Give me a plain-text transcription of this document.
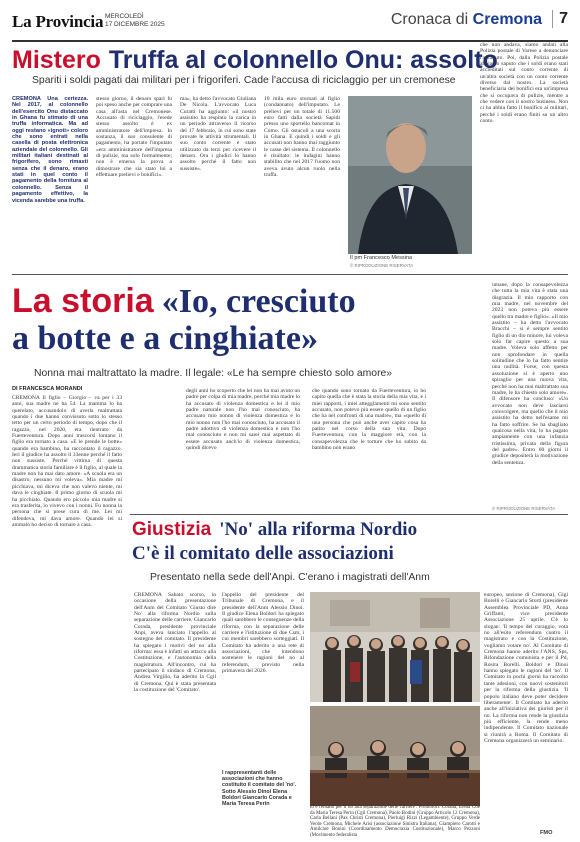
La Provincia MERCOLEDÌ
17 DICEMBRE 2025	Cronaca di Cremona	7
Mistero Truffa al colonnello Onu: assolto
Spariti i soldi pagati dai militari per i frigoriferi. Cade l'accusa di riciclaggio per un cremonese
CREMONA Una certezza. Nel 2017, al colonnello dell'esercito Onu distaccato in Ghana fu stimato di una truffa informatica. Ma ad oggi restano «ignoti» coloro che sono entrati nella casella di posta elettronica aziendale del colonnello. Gli militari italiani destinati al frigorifero, sono rimasti senza che il denaro, erano stati in quel conto il pagamento della fornitura al colonnello. Senza il pagamento effettivo, la vicenda sarebbe una truffa.
stesso giorno, il denaro sparì fu poi speso anche per comprare una casa all'asta nel Cremonese. Accusato di riciclaggio, l'erede stesso assolto è ex amministratore dell'impresa. In sostanza, il suo consulente di pagamento, ha portato l'imputato «era amministratore dell'impresa di pulizie, ma solo formalmente; non è emersa la prova a dimostrare che sia stato lui a effettuare prelievi e bonifici».
ma», ha detto l'avvocato Giuliana De Nicola. L'avvocato Luca Curatti ha aggiunto: «il nostro assistito ha respinto la carica in un periodo attraverso il ricorso del 17 febbraio, in cui sono state provate le attività strumentali. Il suo conto corrente è stato utilizzato da terzi per ricevere il denaro. Ora i giudici lo hanno assolto perché il fatto non sussiste».
10 mila euro stornati al figlio (condannato) dell'imputato. Le prelievi per un totale di 11.500 euro fatti dalla società Sapidi presso uno sportello bancomat in Como. Gli ostacoli a una scorta in Ghana. E quindi i soldi e gli accusati non hanno mai raggiunto le casse del sistema. Il colonnello è risultato: le indagini hanno stabilito che nel 2017 l'uomo non aveva avuto alcun ruolo nella truffa.
Il pm Francesco Messina
© RIPRODUZIONE RISERVATA
che non andava, siamo andati alla Polizia postale di Varese a denunciare l'accaduto. Poi, dalla Polizia postale abbiamo saputo che i soldi erano stati accreditati sul conto corrente di un'altra società con un conto corrente diverso dal nostro. La società beneficiaria dei bonifici era un'impresa che si occupava di pulizie, mentre a che vedere con il nostro business. Non ci ha abbia fatto il bonifico ai militari, perché i soldi erano finiti su un altro conto.
La storia «Io, cresciuto
a botte e a cinghiate»
Nonna mai maltrattato la madre. Il legale: «Le ha sempre chiesto solo amore»
DI FRANCESCA MORANDI
CREMONA Il figlio – Giorgio – va per i 33 anni, sua madre ne ha 54. La mamma lo ha querelato, accusandolo di averla maltrattata quando i due hanno convissuto sotto lo stesso tetto per un certo periodo di tempo, dopo che il ragazzo, nel 2020, era rientrato da Fuerteventura. Dopo anni trascorsi lontano il figlio era tornato a casa. «E le prende le botte» quando era bambino, ha raccontato il ragazzo. Ieri il giudice ha assolto il 33enne perché il fatto non sussiste. Perché vittima di questa drammatica storia familiare è il figlio, al quale la madre non ha mai dato amore. «A scuola era un disastro, nessuno mi voleva». Mia madre mi picchiava, mi diceva che non valevo niente, mi dava le cinghiate. Il primo giorno di scuola mi ha picchiato. Quando ero piccolo mia madre si era trasferita, io vivevo con i nonni. Fu nonna la persona che si prese cura di me. Lei mi difendeva, mi dava amore. Quando lei si ammalò ho deciso di tornare a casa.
degli anni ho scoperto che lei non ha mai avuto un padre per colpa di mia madre, perché mia madre lo ha accusato di violenza domestica e lei il mio padre naturale non l'ho mai conosciuto, ha accusato mio nonno di violenza domestica e lo mio nonno non l'ho mai conosciuto, ha accusato il padre adottivo di violenza domestica e non l'ho mai conosciuto e non mi sarei mai aspettato di essere accusato anch'io di violenza domestica, quindi dicevo
che quando sono tornato da Fuerteventura, io ho capito quella che è stata la storia della mia vita, e i miei rapporti, i miei atteggiamenti mi sono sentito accusato, non potevo più essere quello di un figlio che ha nel confronti di una madre», ma «quello di una persona che può anche aver capito cosa ha patito nel corso della sua vita. Dopo Fuerteventura, con la maggiore età, con la consapevolezza che le torture che ho subito da bambino non erano
umane, dopo la consapevolezza che tutta la mia vita è stata una disgrazia. Il mio rapporto con mia madre, nel novembre del 2023 non poteva più essere quello tra madre e figlio». «Il mio assistito – ha detto l'avvocato Bracchi – si è sempre sentito figlio di un dio minore, lui voleva solo far capire questo a sua madre. Voleva solo affetto per non sprofondare in quella solitudine che lo ha fatto sentire una nullità. Forse, con questa assoluzione si è aperto uno spiraglio per una nuova vita, perché non ha mai maltrattato sua madre, le ha chiesto solo amore». Il difensore ha concluso: «Un avvocato non deve lasciarsi coinvolgere, ma quello che il mio assistito ha detto nell'esame mi ha fatto soffrire. Se ha sbagliato qualcosa nella vita, lo ha pagato ampiamente con una infanzia tristissima, privata della figura del padre». Entro 60 giorni il giudice depositerà la motivazione della sentenza.
© RIPRODUZIONE RISERVATA
Giustizia 'No' alla riforma Nordio
C'è il comitato delle associazioni
Presentato nella sede dell'Anpi. C'erano i magistrati dell'Anm
CREMONA Sabato scorso, in occasione della presentazione dell'Anm del Comitato 'Giusto dire No' alla riforma Nordio sulla separazione delle carriere, Giancarlo Corada, presidente provinciale Anpi, aveva lanciato l'appello al sostegno del comitato. Il presidente ha spiegato i motivi del no alla riforma: essa è infatti un attacco alla Costituzione, e l'autonomia della magistratura. All'incontro, cui ha partecipato il sindaco di Cremona, Andrea Virgilio, ha aderito la Cgil di Cremona, Qui è stata presentata la costituzione del 'Comitato'.
l'appello del presidente del Tribunale di Cremona, e il presidente dell'Anm Alessio Dinoi. Il giudice Elena Boldori ha spiegato quali sarebbero le conseguenze della riforma, con la separazione delle carriere e l'istituzione di due Csm, i cui membri sarebbero sorteggiati. Il Comitato ha aderito a una rete di associazioni, che intendono sostenere le ragioni del no al referendum, previsto nella primavera del 2026.
europeo, sezione di Cremona), Gigi Borelli e Giancarlo Storti (presidente Assemblea Provinciale PD, Anna Griffanti, vice presidente Associazione 25 aprile. C'è lo slogan: 'Il tempo del coraggio, vota no all'esito referendum contro il magistrato e con la Costituzione, vogliamo votare no'. Al Comitato di Cremona hanno aderito l'ANS, Sps, Rifondazione comunista e per il Pd, Rosita Borelli. Boldori e Dinoi hanno spiegato le ragioni del 'no'. Il Comitato in pochi giorni ha raccolto tante adesioni, con nuovi sostenitori per la riforma della giustizia. 'Il popolo italiano deve poter decidere liberamente'. Il Comitato ha aderito anche all'iniziativa dei giuristi per il no. La riforma non rende la giustizia più efficiente, la rende meno indipendente. Il Comitato nazionale si riunirà a Roma. Il Comitato di Cremona organizzerà un seminario.
to e remano per il no alla separazione delle carriere'. Promotori: Corada, Elena Coe da Maria Teresa Perin (Cgil Cremona), Paolo Bodini (Gruppo Articolo 12 Cremona), Carla Bellani (Pax Christi Cremona), Pierluigi Rizzi (Legambiente), Gruppo Verde Verde Cremona, Michele Arisi (associazione Sinistra Italiana), Giampiero Carotti e Amilcare Bonini (Coordinamento Democrazia Costituzionale), Marco Pezzoni (Movimento federalista	FMO
I rappresentanti delle associazioni che hanno costituito il comitato del 'no'. Sotto Alessio Dinoi Elena Boldori Giancarlo Corada e Maria Teresa Perin
